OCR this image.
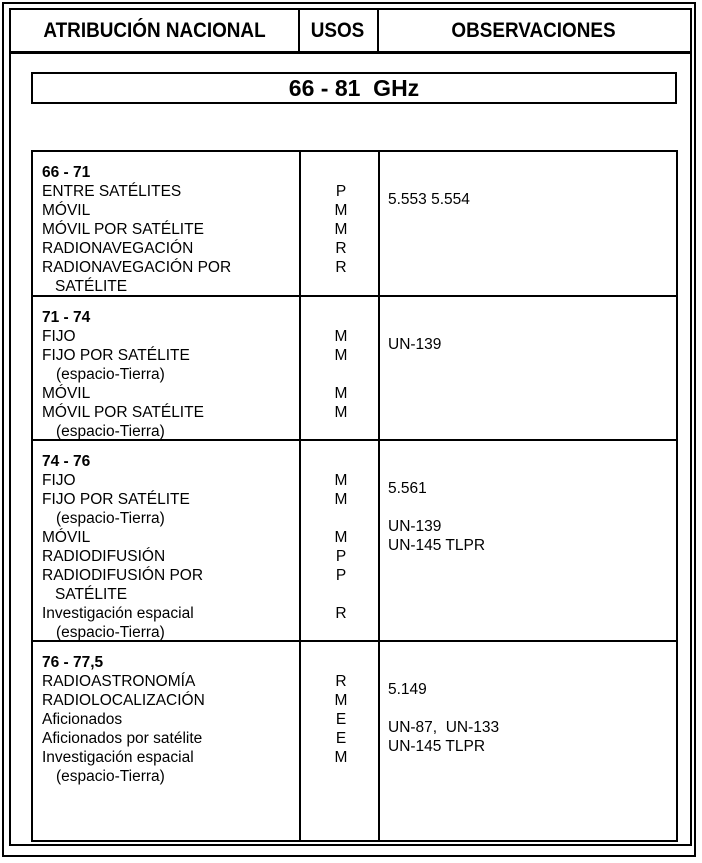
ATRIBUCIÓN NACIONAL	USOS	OBSERVACIONES
66 - 81  GHz
66 - 71
ENTRE SATÉLITES
MÓVIL
MÓVIL POR SATÉLITE
RADIONAVEGACIÓN
RADIONAVEGACIÓN POR
SATÉLITE
P
M
M
R
R
5.553 5.554
71 - 74
FIJO
FIJO POR SATÉLITE
(espacio-Tierra)
MÓVIL
MÓVIL POR SATÉLITE
(espacio-Tierra)
M
M
M
M
UN-139
74 - 76
FIJO
FIJO POR SATÉLITE
(espacio-Tierra)
MÓVIL
RADIODIFUSIÓN
RADIODIFUSIÓN POR
SATÉLITE
Investigación espacial
(espacio-Tierra)
M
M
M
P
P
R
5.561
UN-139
UN-145 TLPR
76 - 77,5
RADIOASTRONOMÍA
RADIOLOCALIZACIÓN
Aficionados
Aficionados por satélite
Investigación espacial
(espacio-Tierra)
R
M
E
E
M
5.149
UN-87,  UN-133
UN-145 TLPR
